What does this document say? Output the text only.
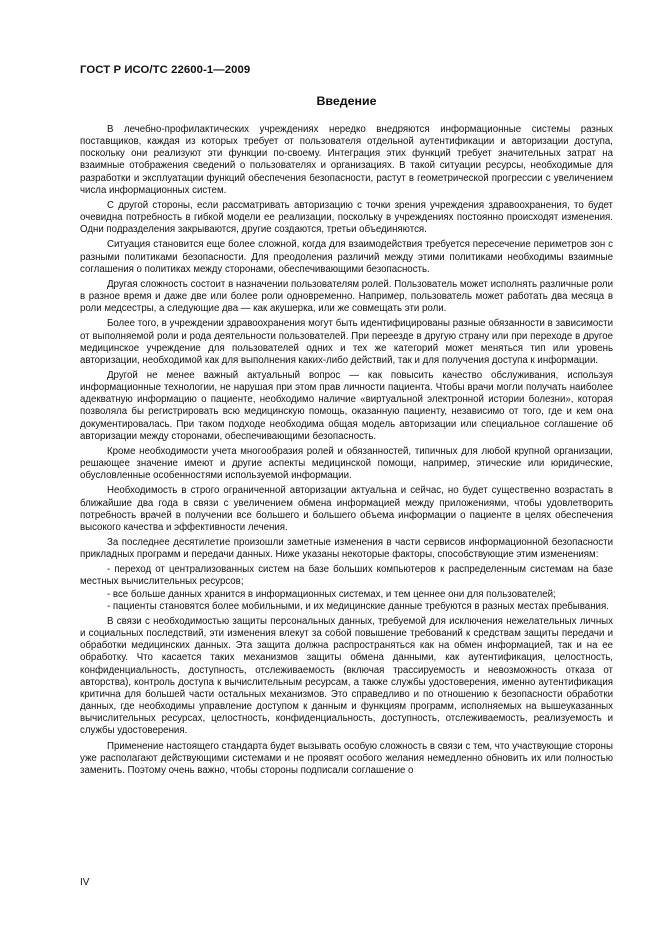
ГОСТ Р ИСО/ТС 22600-1—2009
Введение

В лечебно-профилактических учреждениях нередко внедряются информационные системы разных поставщиков, каждая из которых требует от пользователя отдельной аутентификации и авторизации доступа, поскольку они реализуют эти функции по-своему. Интеграция этих функций требует значительных затрат на взаимные отображения сведений о пользователях и организациях. В такой ситуации ресурсы, необходимые для разработки и эксплуатации функций обеспечения безопасности, растут в геометрической прогрессии с увеличением числа информационных систем.

С другой стороны, если рассматривать авторизацию с точки зрения учреждения здравоохранения, то будет очевидна потребность в гибкой модели ее реализации, поскольку в учреждениях постоянно происходят изменения. Одни подразделения закрываются, другие создаются, третьи объединяются.

Ситуация становится еще более сложной, когда для взаимодействия требуется пересечение периметров зон с разными политиками безопасности. Для преодоления различий между этими политиками необходимы взаимные соглашения о политиках между сторонами, обеспечивающими безопасность.

Другая сложность состоит в назначении пользователям ролей. Пользователь может исполнять различные роли в разное время и даже две или более роли одновременно. Например, пользователь может работать два месяца в роли медсестры, а следующие два — как акушерка, или же совмещать эти роли.

Более того, в учреждении здравоохранения могут быть идентифицированы разные обязанности в зависимости от выполняемой роли и рода деятельности пользователей. При переезде в другую страну или при переходе в другое медицинское учреждение для пользователей одних и тех же категорий может меняться тип или уровень авторизации, необходимой как для выполнения каких-либо действий, так и для получения доступа к информации.

Другой не менее важный актуальный вопрос — как повысить качество обслуживания, используя информационные технологии, не нарушая при этом прав личности пациента. Чтобы врачи могли получать наиболее адекватную информацию о пациенте, необходимо наличие «виртуальной электронной истории болезни», которая позволяла бы регистрировать всю медицинскую помощь, оказанную пациенту, независимо от того, где и кем она документировалась. При таком подходе необходима общая модель авторизации или специальное соглашение об авторизации между сторонами, обеспечивающими безопасность.

Кроме необходимости учета многообразия ролей и обязанностей, типичных для любой крупной организации, решающее значение имеют и другие аспекты медицинской помощи, например, этические или юридические, обусловленные особенностями используемой информации.

Необходимость в строго ограниченной авторизации актуальна и сейчас, но будет существенно возрастать в ближайшие два года в связи с увеличением обмена информацией между приложениями, чтобы удовлетворить потребность врачей в получении все большего и большего объема информации о пациенте в целях обеспечения высокого качества и эффективности лечения.

За последнее десятилетие произошли заметные изменения в части сервисов информационной безопасности прикладных программ и передачи данных. Ниже указаны некоторые факторы, способствующие этим изменениям:

- переход от централизованных систем на базе больших компьютеров к распределенным системам на базе местных вычислительных ресурсов;
- все больше данных хранится в информационных системах, и тем ценнее они для пользователей;
- пациенты становятся более мобильными, и их медицинские данные требуются в разных местах пребывания.

В связи с необходимостью защиты персональных данных, требуемой для исключения нежелательных личных и социальных последствий, эти изменения влекут за собой повышение требований к средствам защиты передачи и обработки медицинских данных. Эта защита должна распространяться как на обмен информацией, так и на ее обработку. Что касается таких механизмов защиты обмена данными, как аутентификация, целостность, конфиденциальность, доступность, отслеживаемость (включая трассируемость и невозможность отказа от авторства), контроль доступа к вычислительным ресурсам, а также службы удостоверения, именно аутентификация критична для большей части остальных механизмов. Это справедливо и по отношению к безопасности обработки данных, где необходимы управление доступом к данным и функциям программ, исполняемых на вышеуказанных вычислительных ресурсах, целостность, конфиденциальность, доступность, отслеживаемость, реализуемость и службы удостоверения.

Применение настоящего стандарта будет вызывать особую сложность в связи с тем, что участвующие стороны уже располагают действующими системами и не проявят особого желания немедленно обновить их или полностью заменить. Поэтому очень важно, чтобы стороны подписали соглашение о

IV
